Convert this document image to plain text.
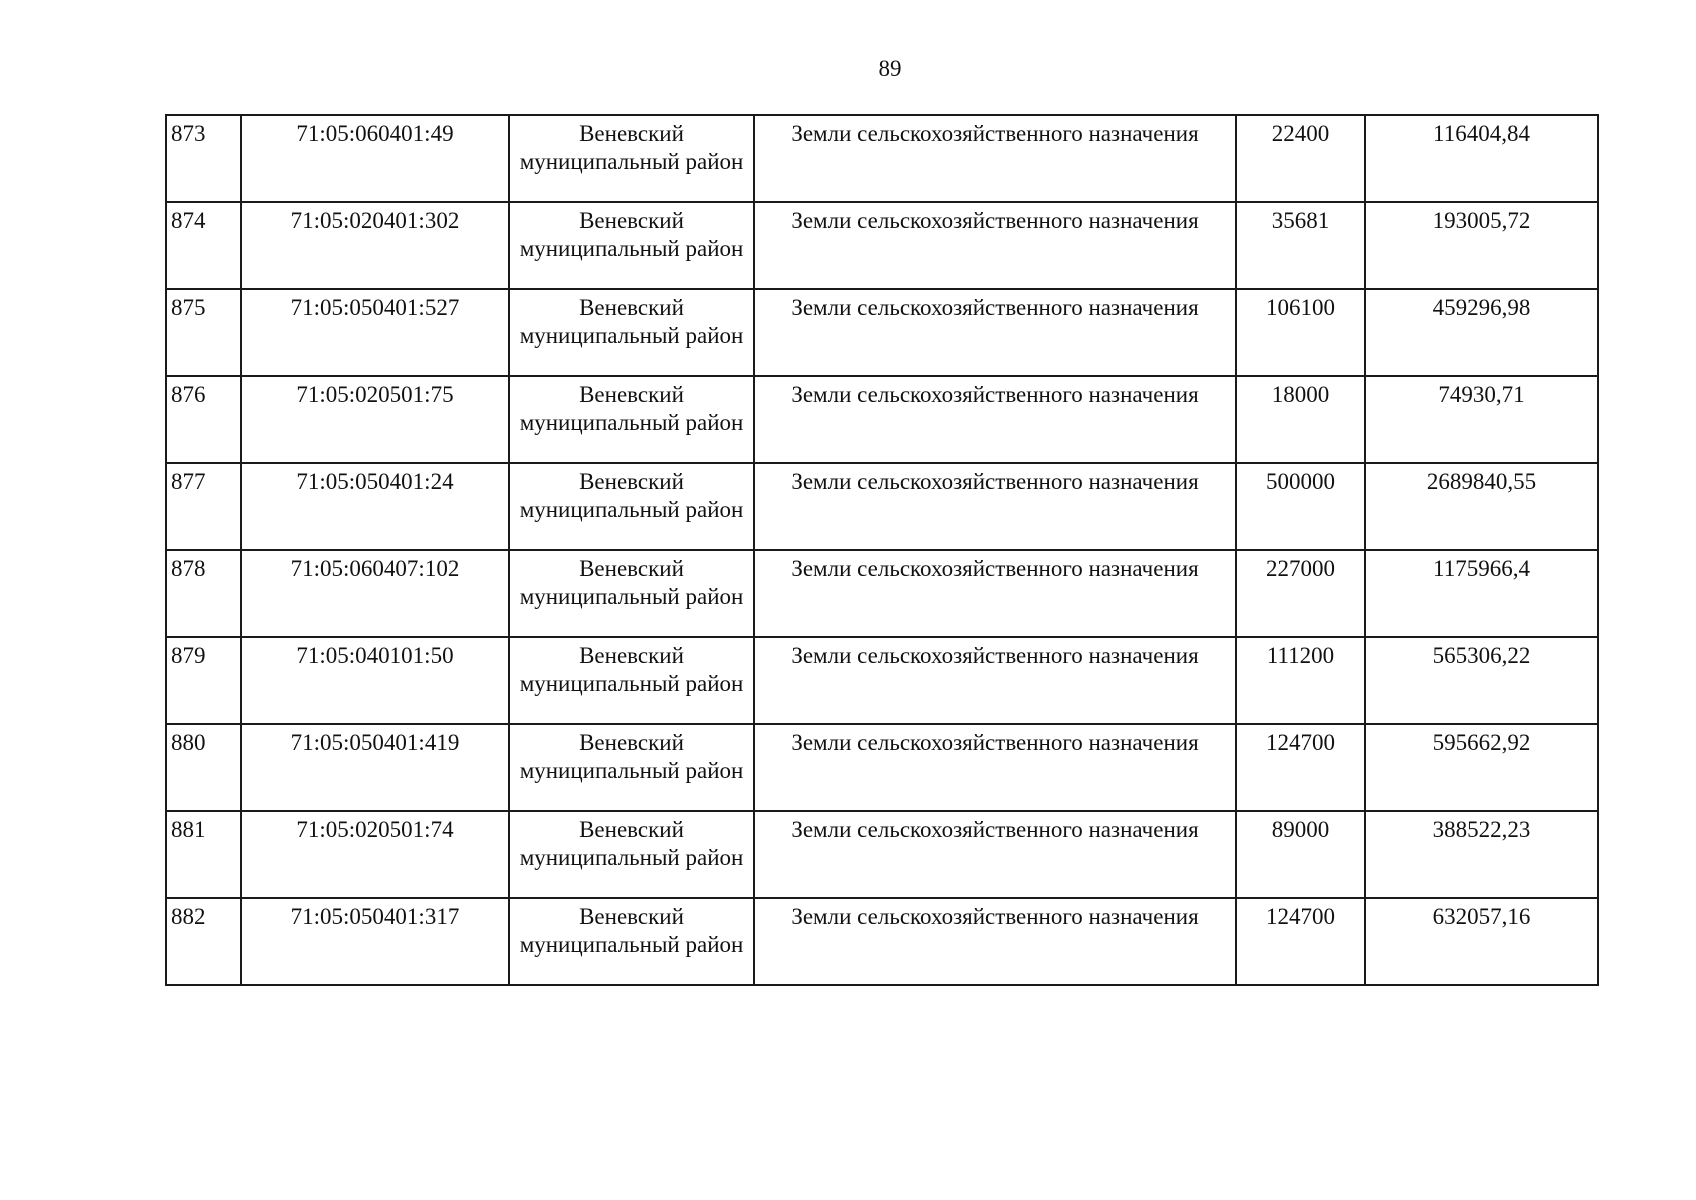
89
873	71:05:060401:49	Веневский муниципальный район	Земли сельскохозяйственного назначения	22400	116404,84
874	71:05:020401:302	Веневский муниципальный район	Земли сельскохозяйственного назначения	35681	193005,72
875	71:05:050401:527	Веневский муниципальный район	Земли сельскохозяйственного назначения	106100	459296,98
876	71:05:020501:75	Веневский муниципальный район	Земли сельскохозяйственного назначения	18000	74930,71
877	71:05:050401:24	Веневский муниципальный район	Земли сельскохозяйственного назначения	500000	2689840,55
878	71:05:060407:102	Веневский муниципальный район	Земли сельскохозяйственного назначения	227000	1175966,4
879	71:05:040101:50	Веневский муниципальный район	Земли сельскохозяйственного назначения	111200	565306,22
880	71:05:050401:419	Веневский муниципальный район	Земли сельскохозяйственного назначения	124700	595662,92
881	71:05:020501:74	Веневский муниципальный район	Земли сельскохозяйственного назначения	89000	388522,23
882	71:05:050401:317	Веневский муниципальный район	Земли сельскохозяйственного назначения	124700	632057,16
